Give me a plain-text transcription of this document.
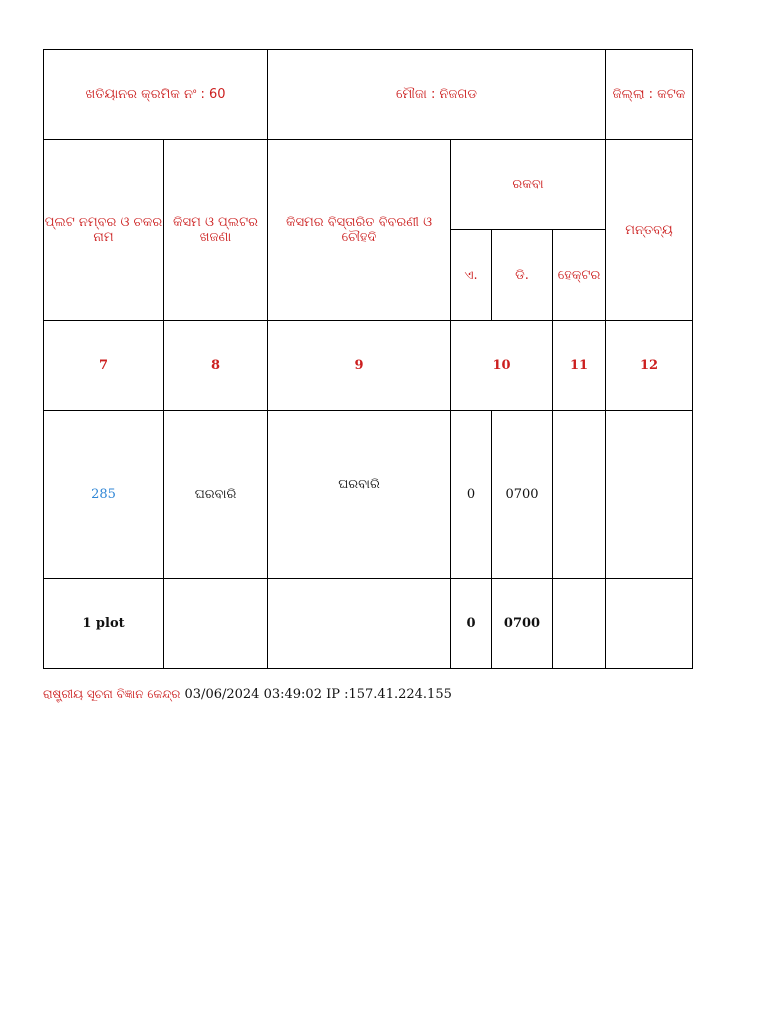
ଖତିୟାନର କ୍ରମିକ ନଂ : 60		ମୌଜା : ନିଜଗଡ				ଜିଲ୍ଲା : କଟକ
ପ୍ଲଟ ନମ୍ବର ଓ ଚକର ନାମ	କିସମ ଓ ପ୍ଲଟର ଖଜଣା	କିସମର ବିସ୍ତାରିତ ବିବରଣୀ ଓ ଚୌହଦି	ରକବା			ମନ୍ତବ୍ୟ
			ଏ.	ଡି.	ହେକ୍ଟର	
7	8	9	10		11	12
285	ଘରବାରି	ଘରବାରି	0	0700		
1 plot			0	0700		
ରାଷ୍ଟ୍ରୀୟ ସୂଚନା ବିଜ୍ଞାନ କେନ୍ଦ୍ର 03/06/2024 03:49:02 IP :157.41.224.155
